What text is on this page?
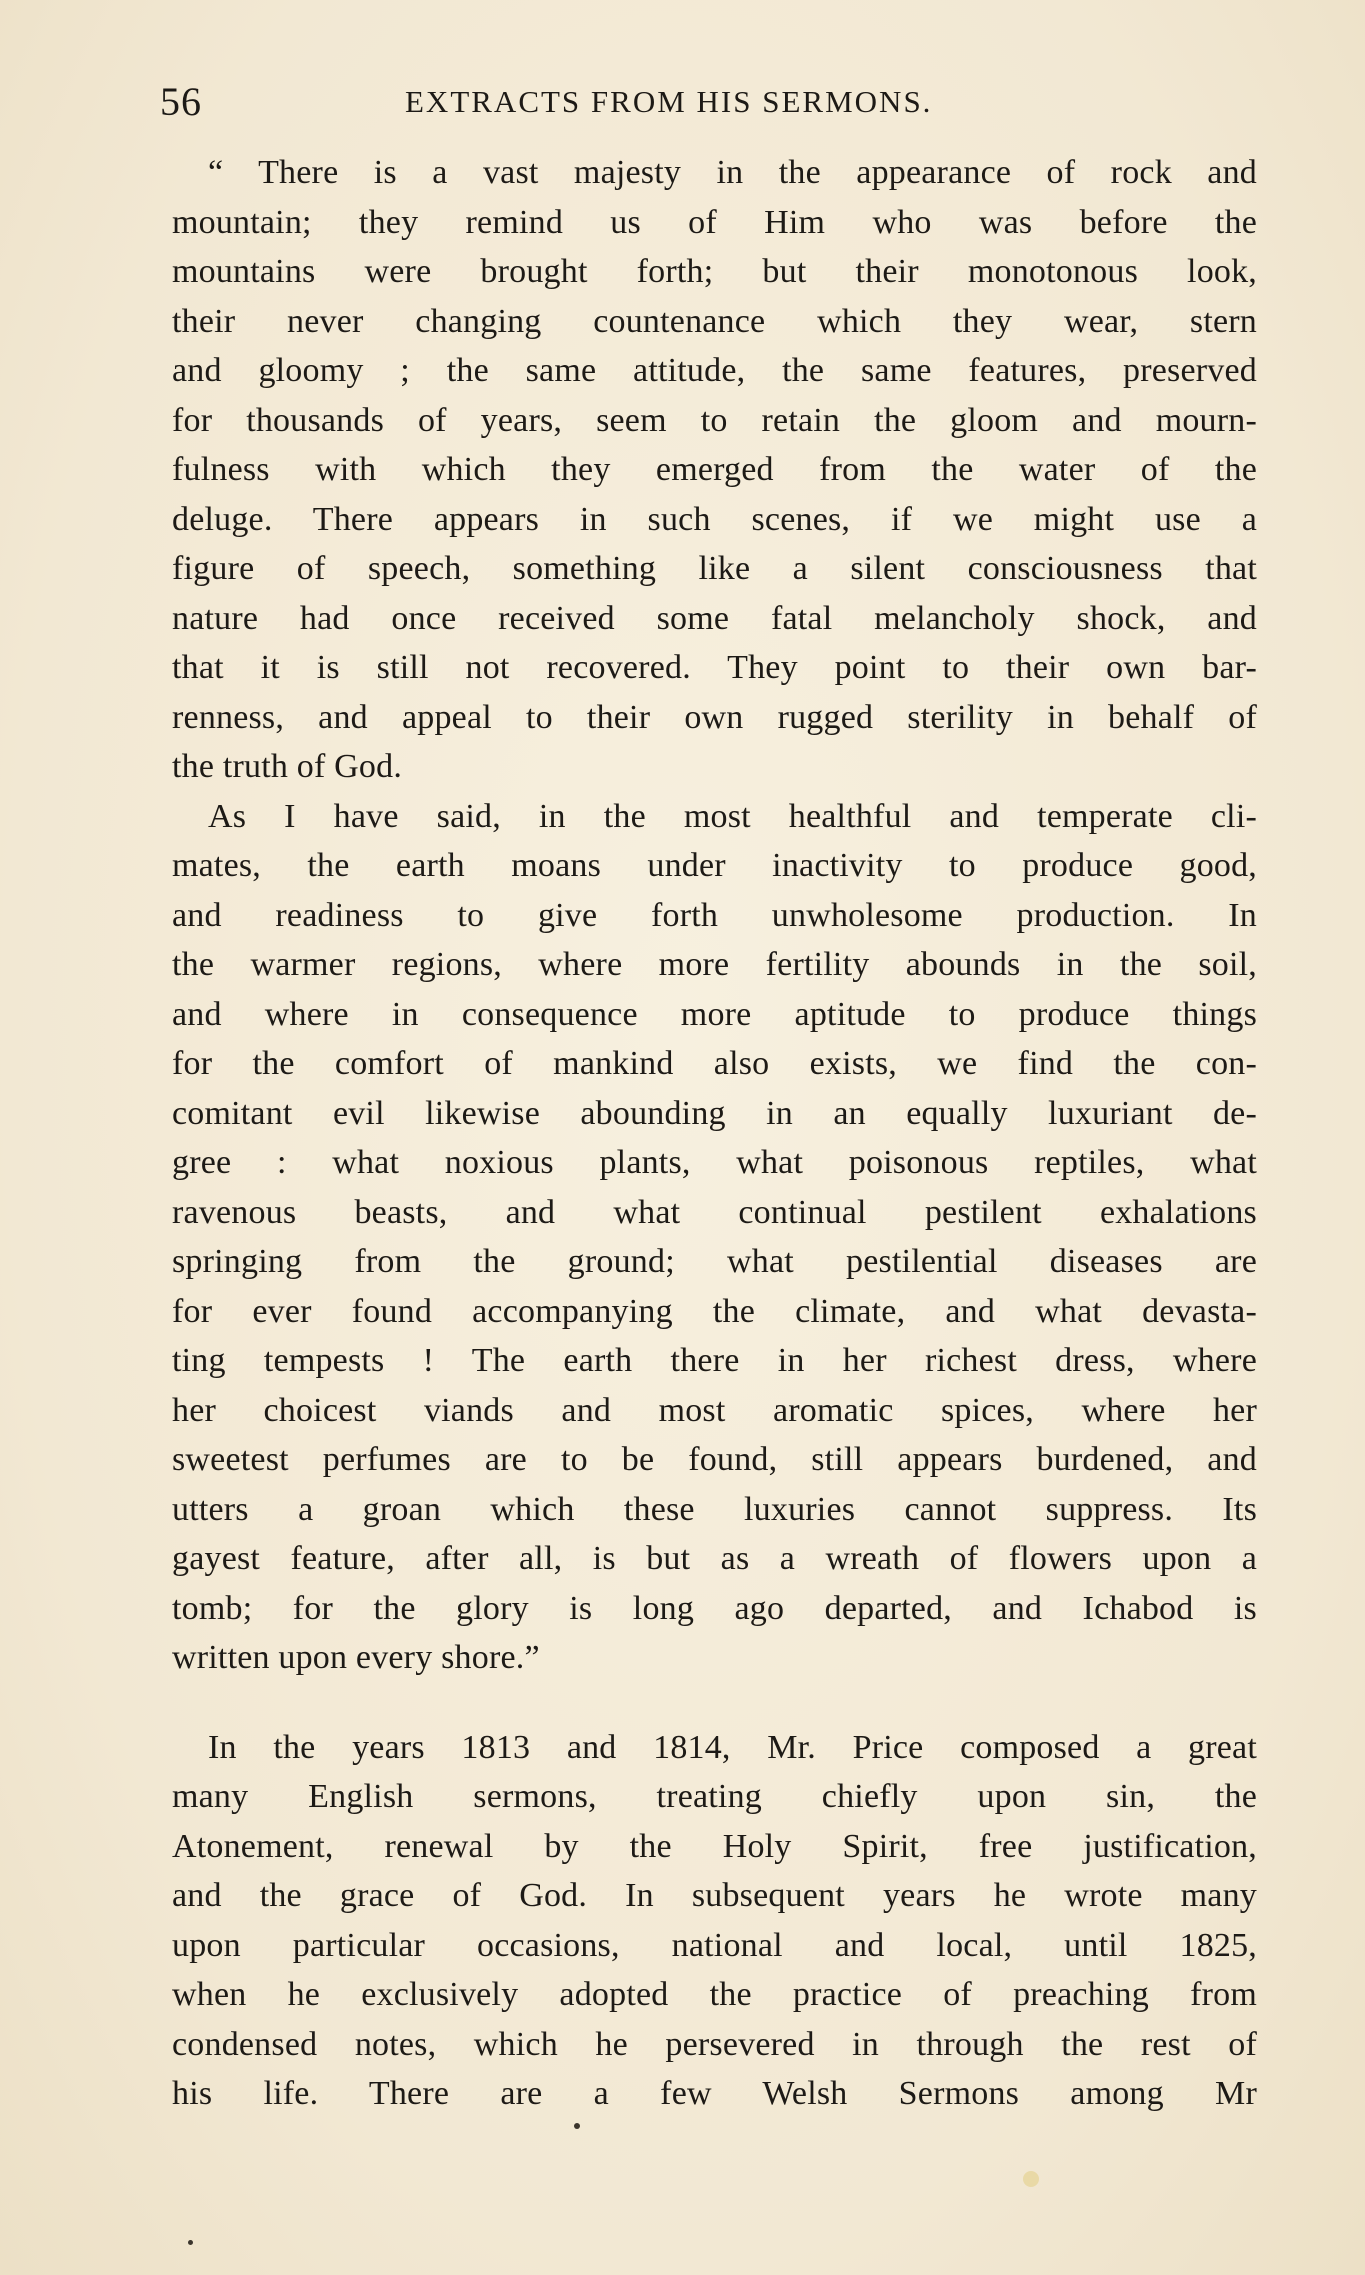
56	EXTRACTS FROM HIS SERMONS.
“ There is a vast majesty in the appearance of rock and
mountain; they remind us of Him who was before the
mountains were brought forth; but their monotonous look,
their never changing countenance which they wear, stern
and gloomy ; the same attitude, the same features, preserved
for thousands of years, seem to retain the gloom and mourn-
fulness with which they emerged from the water of the
deluge. There appears in such scenes, if we might use a
figure of speech, something like a silent consciousness that
nature had once received some fatal melancholy shock, and
that it is still not recovered. They point to their own bar-
renness, and appeal to their own rugged sterility in behalf of
the truth of God.
As I have said, in the most healthful and temperate cli-
mates, the earth moans under inactivity to produce good,
and readiness to give forth unwholesome production. In
the warmer regions, where more fertility abounds in the soil,
and where in consequence more aptitude to produce things
for the comfort of mankind also exists, we find the con-
comitant evil likewise abounding in an equally luxuriant de-
gree : what noxious plants, what poisonous reptiles, what
ravenous beasts, and what continual pestilent exhalations
springing from the ground; what pestilential diseases are
for ever found accompanying the climate, and what devasta-
ting tempests ! The earth there in her richest dress, where
her choicest viands and most aromatic spices, where her
sweetest perfumes are to be found, still appears burdened, and
utters a groan which these luxuries cannot suppress. Its
gayest feature, after all, is but as a wreath of flowers upon a
tomb; for the glory is long ago departed, and Ichabod is
written upon every shore.”
In the years 1813 and 1814, Mr. Price composed a great
many English sermons, treating chiefly upon sin, the
Atonement, renewal by the Holy Spirit, free justification,
and the grace of God. In subsequent years he wrote many
upon particular occasions, national and local, until 1825,
when he exclusively adopted the practice of preaching from
condensed notes, which he persevered in through the rest of
his life. There are a few Welsh Sermons among Mr
